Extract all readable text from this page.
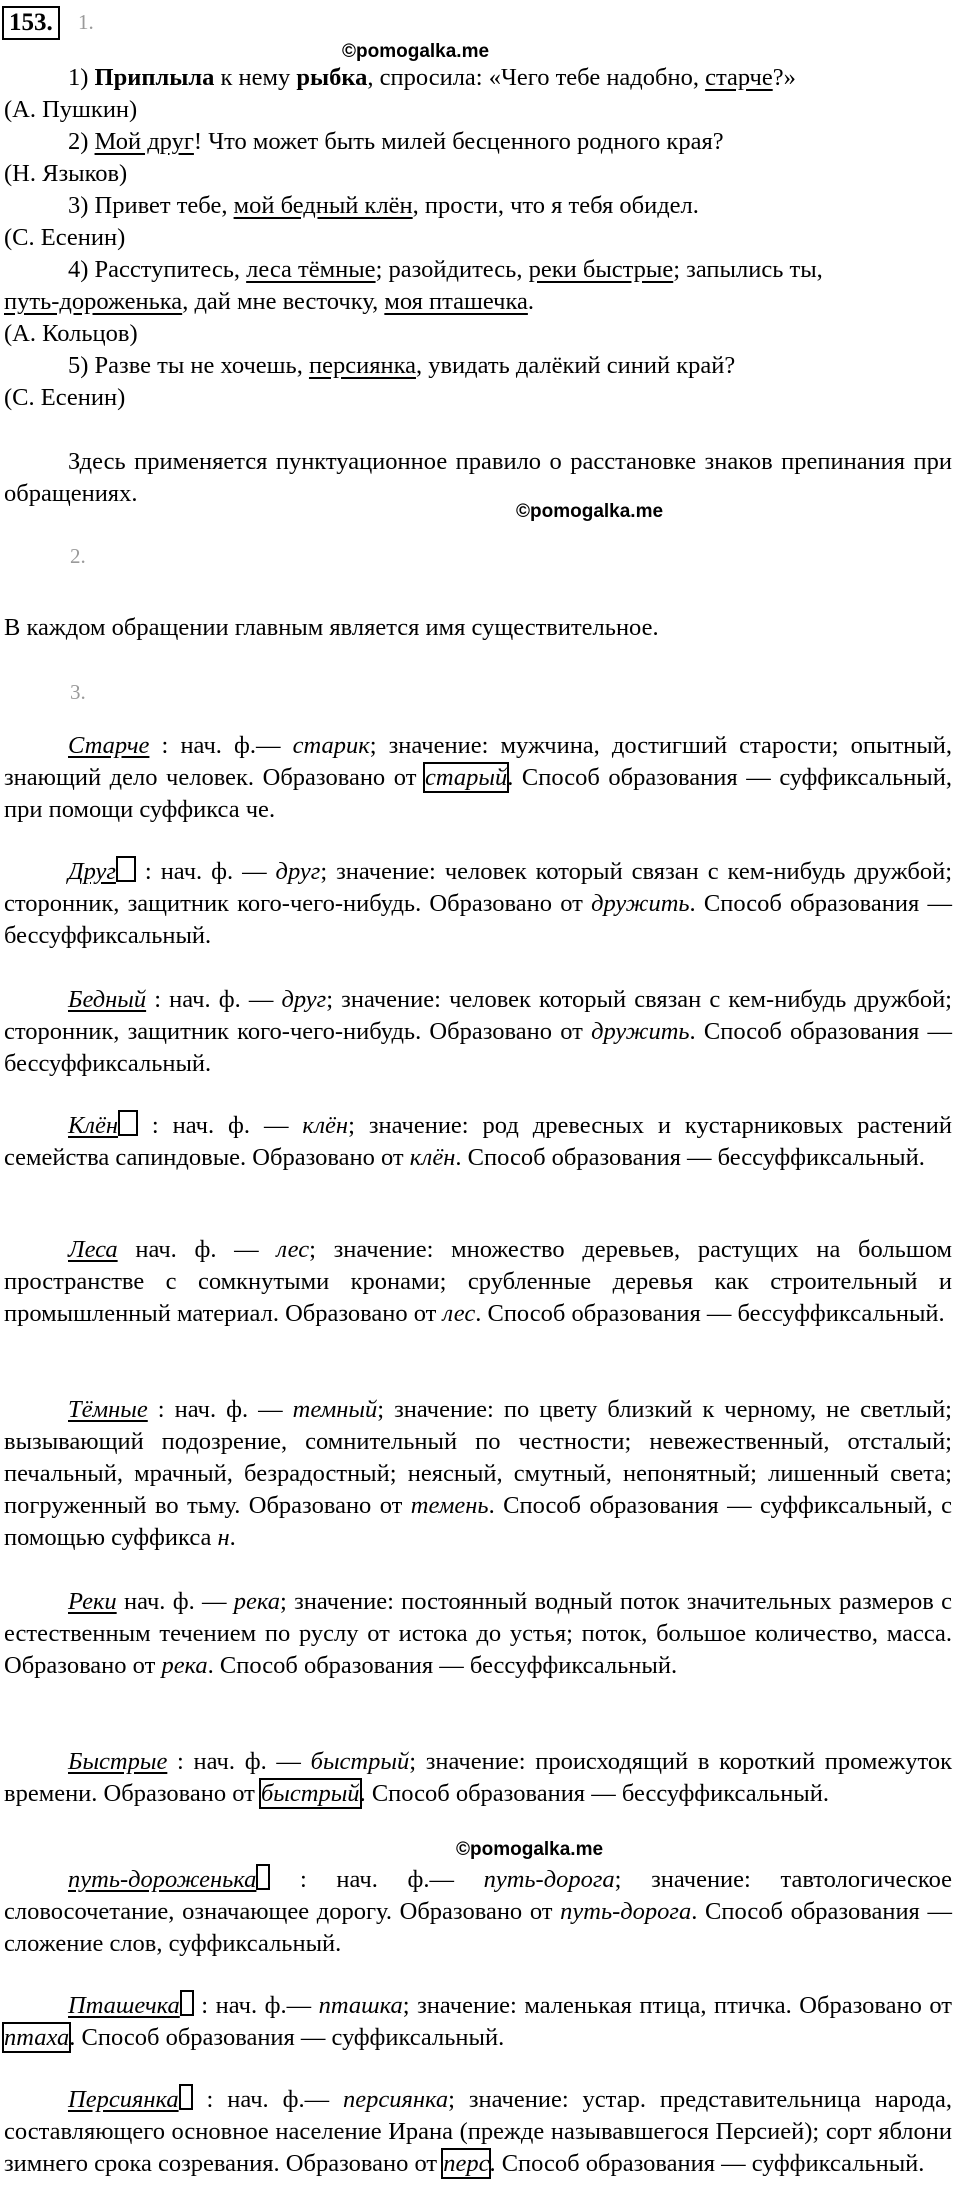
153.	1.
©pomogalka.me
1) Приплыла к нему рыбка, спросила: «Чего тебе надобно, старче?»
(А. Пушкин)
2) Мой друг! Что может быть милей бесценного родного края?
(Н. Языков)
3) Привет тебе, мой бедный клён, прости, что я тебя обидел.
(С. Есенин)
4) Расступитесь, леса тёмные; разойдитесь, реки быстрые; запылись ты,
путь-дороженька, дай мне весточку, моя пташечка.
(А. Кольцов)
5) Разве ты не хочешь, персиянка, увидать далёкий синий край?
(С. Есенин)
Здесь применяется пунктуационное правило о расстановке знаков препинания при обращениях.
©pomogalka.me
2.
В каждом обращении главным является имя существительное.
3.
Старче : нач. ф.— старик; значение: мужчина, достигший старости; опытный, знающий дело человек. Образовано от старый. Способ образования — суффиксальный, при помощи суффикса че.
Друг : нач. ф. — друг; значение: человек который связан с кем-нибудь дружбой; сторонник, защитник кого-чего-нибудь. Образовано от дружить. Способ образования — бессуффиксальный.
Бедный : нач. ф. — друг; значение: человек который связан с кем-нибудь дружбой; сторонник, защитник кого-чего-нибудь. Образовано от дружить. Способ образования — бессуффиксальный.
Клён : нач. ф. — клён; значение: род древесных и кустарниковых растений семейства сапиндовые. Образовано от клён. Способ образования — бессуффиксальный.
Леса нач. ф. — лес; значение: множество деревьев, растущих на большом пространстве с сомкнутыми кронами; срубленные деревья как строительный и промышленный материал. Образовано от лес. Способ образования — бессуффиксальный.
Тёмные : нач. ф. — темный; значение: по цвету близкий к черному, не светлый; вызывающий подозрение, сомнительный по честности; невежественный, отсталый; печальный, мрачный, безрадостный; неясный, смутный, непонятный; лишенный света; погруженный во тьму. Образовано от темень. Способ образования — суффиксальный, с помощью суффикса н.
Реки нач. ф. — река; значение: постоянный водный поток значительных размеров с естественным течением по руслу от истока до устья; поток, большое количество, масса. Образовано от река. Способ образования — бессуффиксальный.
Быстрые : нач. ф. — быстрый; значение: происходящий в короткий промежуток времени. Образовано от быстрый. Способ образования — бессуффиксальный.
©pomogalka.me
путь-дороженька : нач. ф.— путь-дорога; значение: тавтологическое словосочетание, означающее дорогу. Образовано от путь-дорога. Способ образования — сложение слов, суффиксальный.
Пташечка : нач. ф.— пташка; значение: маленькая птица, птичка. Образовано от птаха. Способ образования — суффиксальный.
Персиянка : нач. ф.— персиянка; значение: устар. представительница народа, составляющего основное население Ирана (прежде называвшегося Персией); сорт яблони зимнего срока созревания. Образовано от перс. Способ образования — суффиксальный.
